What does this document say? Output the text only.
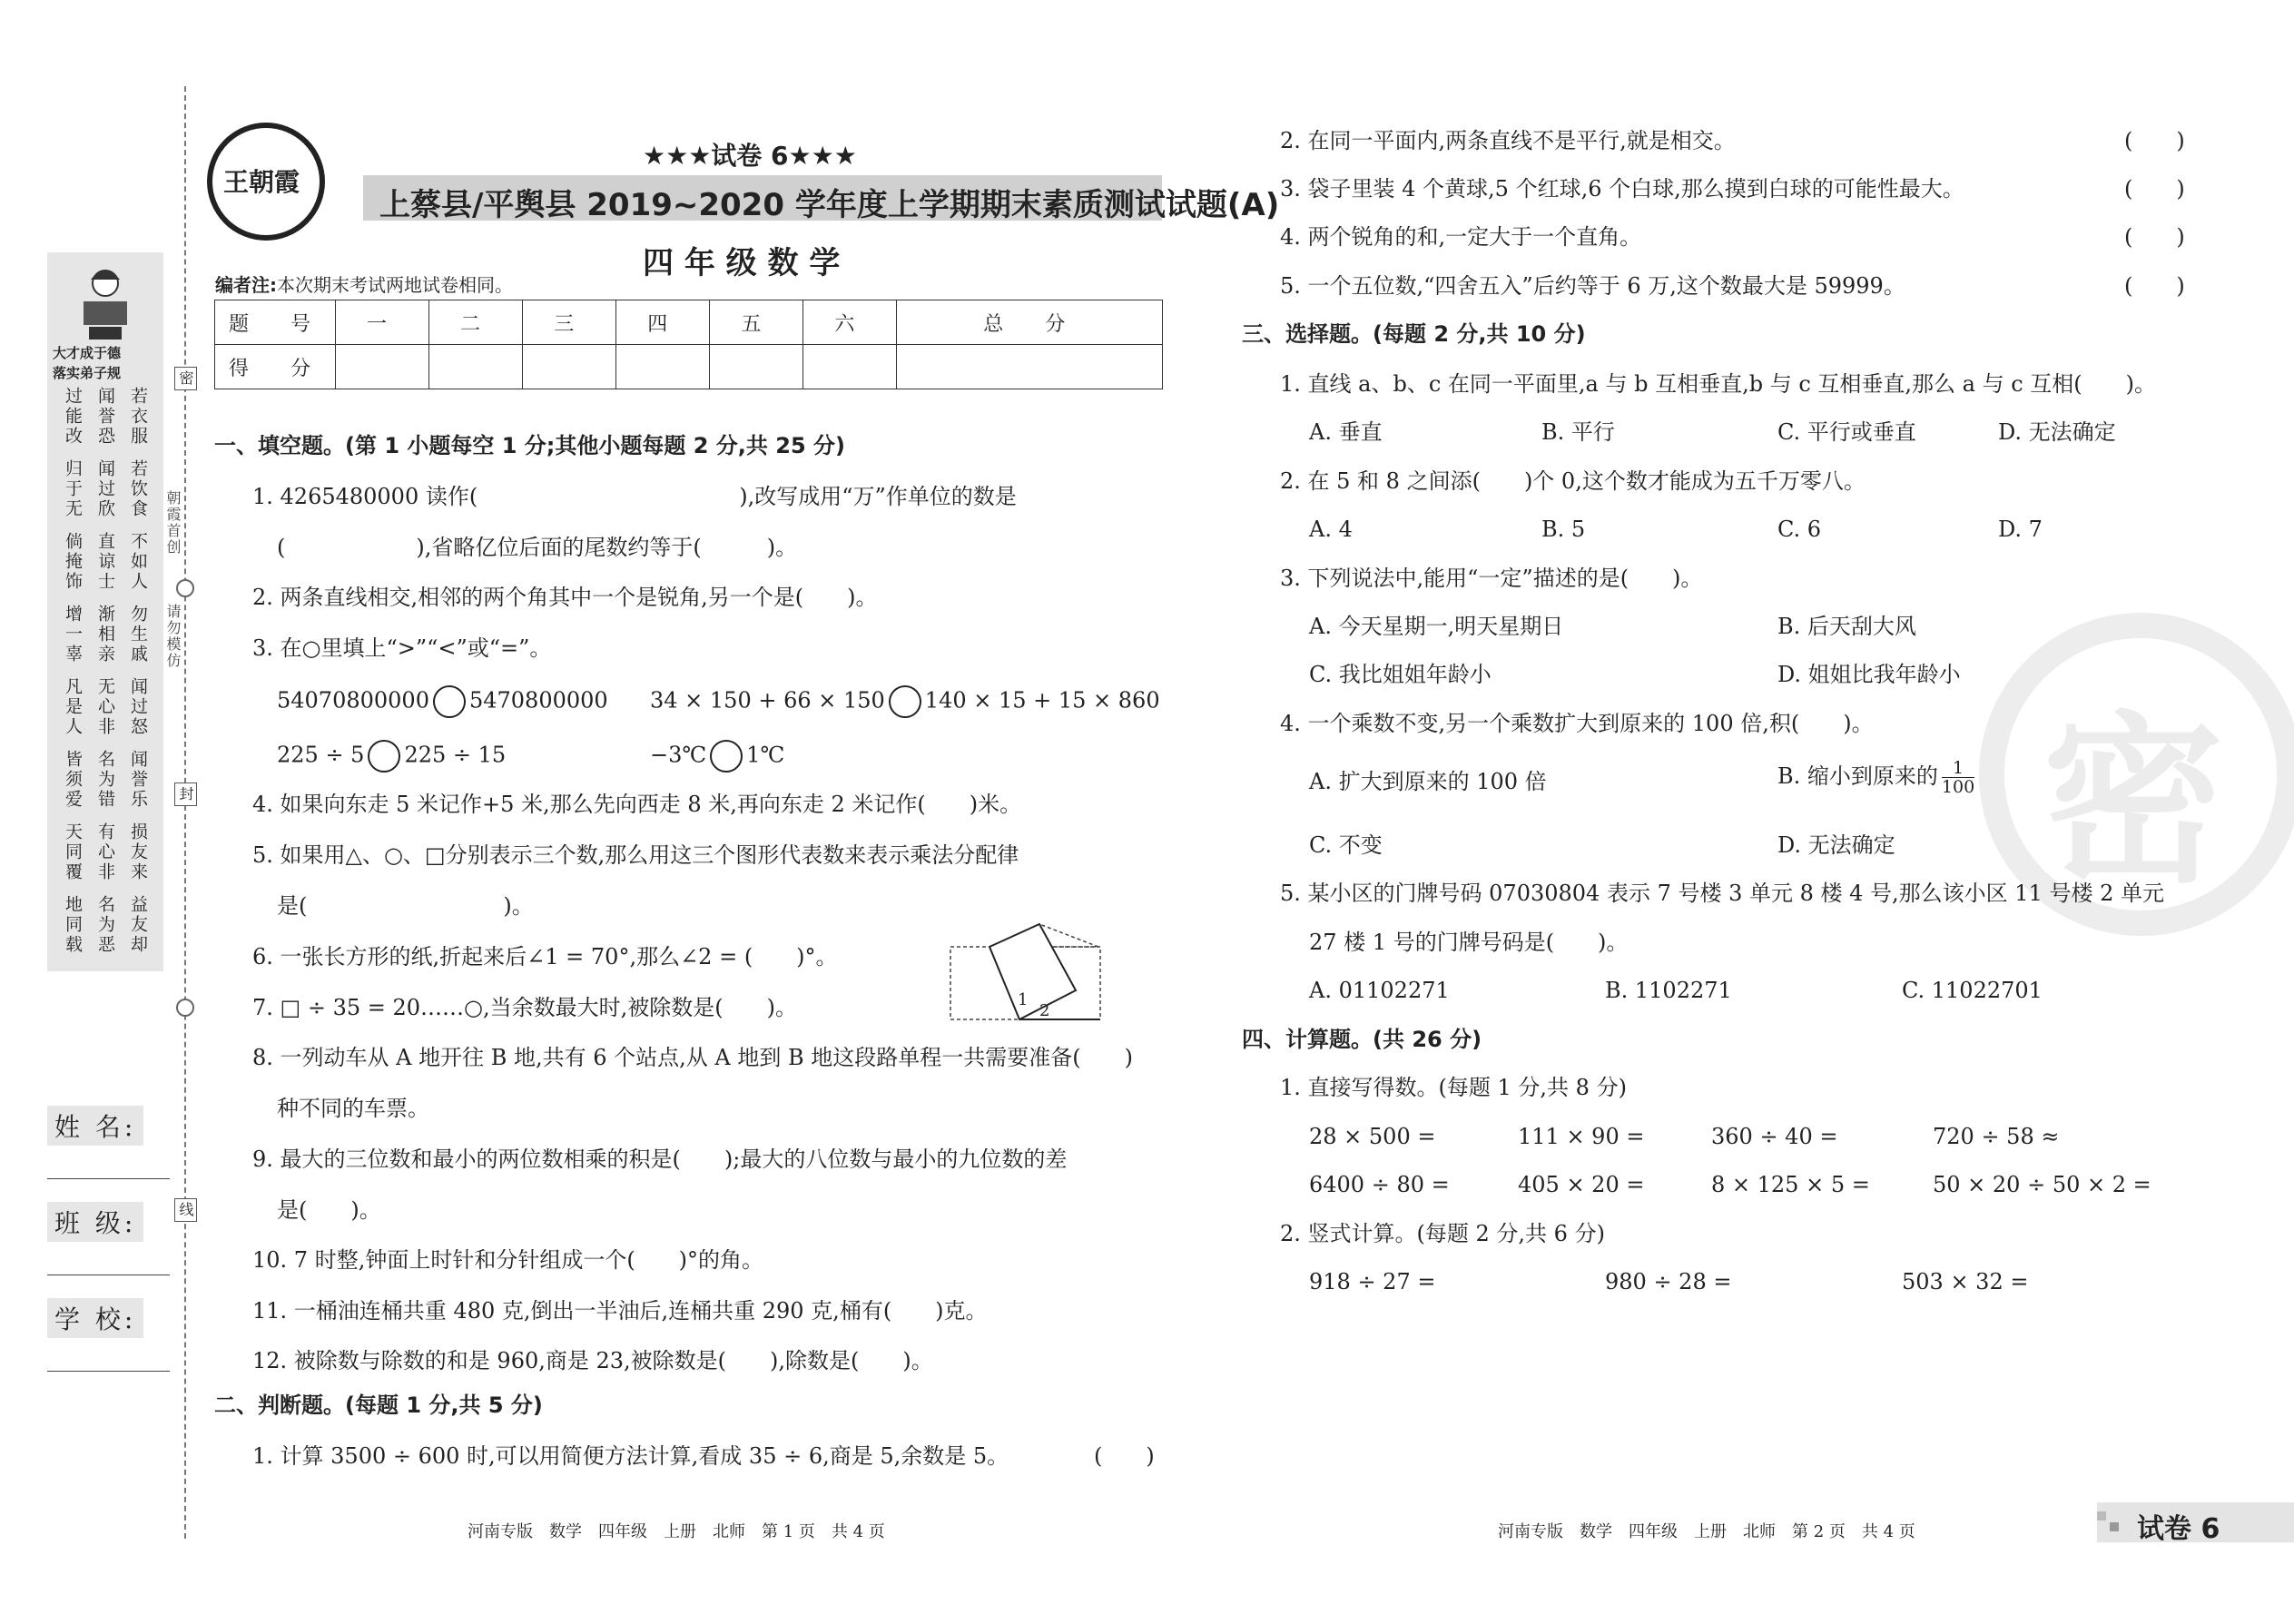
大才成于德
落实弟子规
若衣服
闻誉恐
过能改
若饮食
闻过欣
归于无
不如人
直谅士
倘掩饰
勿生戚
渐相亲
增一辜
闻过怒
无心非
凡是人
闻誉乐
名为错
皆须爱
损友来
有心非
天同覆
益友却
名为恶
地同载
密
朝霞首创
请勿模仿
封
线
姓 名:
班 级:
学 校:
王朝霞
★★★试卷 6★★★
上蔡县/平舆县 2019~2020 学年度上学期期末素质测试试题(A)
四 年 级 数 学
编者注:本次期末考试两地试卷相同。
题　号	一	二	三	四	五	六	总　分
得　分							
一、填空题。(第 1 小题每空 1 分;其他小题每题 2 分,共 25 分)
1. 4265480000 读作(　　　　　　　　　　　　),改写成用“万”作单位的数是
(　　　　　　),省略亿位后面的尾数约等于(　　　)。
2. 两条直线相交,相邻的两个角其中一个是锐角,另一个是(　　)。
3. 在○里填上“>”“<”或“=”。
54070800000 5470800000 34 × 150 + 66 × 150 140 × 15 + 15 × 860
225 ÷ 5 225 ÷ 15	−3℃ 1℃
4. 如果向东走 5 米记作+5 米,那么先向西走 8 米,再向东走 2 米记作(　　)米。
5. 如果用△、○、□分别表示三个数,那么用这三个图形代表数来表示乘法分配律
是(　　　　　　　　　)。
6. 一张长方形的纸,折起来后∠1 = 70°,那么∠2 = (　　)°。
1
2
7. □ ÷ 35 = 20……○,当余数最大时,被除数是(　　)。
8. 一列动车从 A 地开往 B 地,共有 6 个站点,从 A 地到 B 地这段路单程一共需要准备(　　)
种不同的车票。
9. 最大的三位数和最小的两位数相乘的积是(　　);最大的八位数与最小的九位数的差
是(　　)。
10. 7 时整,钟面上时针和分针组成一个(　　)°的角。
11. 一桶油连桶共重 480 克,倒出一半油后,连桶共重 290 克,桶有(　　)克。
12. 被除数与除数的和是 960,商是 23,被除数是(　　),除数是(　　)。
二、判断题。(每题 1 分,共 5 分)
1. 计算 3500 ÷ 600 时,可以用简便方法计算,看成 35 ÷ 6,商是 5,余数是 5。	(　　)
河南专版　数学　四年级　上册　北师　第 1 页　共 4 页
密
2. 在同一平面内,两条直线不是平行,就是相交。	(　　)
3. 袋子里装 4 个黄球,5 个红球,6 个白球,那么摸到白球的可能性最大。	(　　)
4. 两个锐角的和,一定大于一个直角。	(　　)
5. 一个五位数,“四舍五入”后约等于 6 万,这个数最大是 59999。	(　　)
三、选择题。(每题 2 分,共 10 分)
1. 直线 a、b、c 在同一平面里,a 与 b 互相垂直,b 与 c 互相垂直,那么 a 与 c 互相(　　)。
A. 垂直	B. 平行	C. 平行或垂直	D. 无法确定
2. 在 5 和 8 之间添(　　)个 0,这个数才能成为五千万零八。
A. 4	B. 5	C. 6	D. 7
3. 下列说法中,能用“一定”描述的是(　　)。
A. 今天星期一,明天星期日	B. 后天刮大风
C. 我比姐姐年龄小	D. 姐姐比我年龄小
4. 一个乘数不变,另一个乘数扩大到原来的 100 倍,积(　　)。
A. 扩大到原来的 100 倍	B. 缩小到原来的 $\frac{1}{100}$
C. 不变	D. 无法确定
5. 某小区的门牌号码 07030804 表示 7 号楼 3 单元 8 楼 4 号,那么该小区 11 号楼 2 单元
27 楼 1 号的门牌号码是(　　)。
A. 01102271	B. 1102271	C. 11022701
四、计算题。(共 26 分)
1. 直接写得数。(每题 1 分,共 8 分)
28 × 500 =	111 × 90 =	360 ÷ 40 =	720 ÷ 58 ≈
6400 ÷ 80 =	405 × 20 =	8 × 125 × 5 =	50 × 20 ÷ 50 × 2 =
2. 竖式计算。(每题 2 分,共 6 分)
918 ÷ 27 =	980 ÷ 28 =	503 × 32 =
河南专版　数学　四年级　上册　北师　第 2 页　共 4 页	试卷 6
